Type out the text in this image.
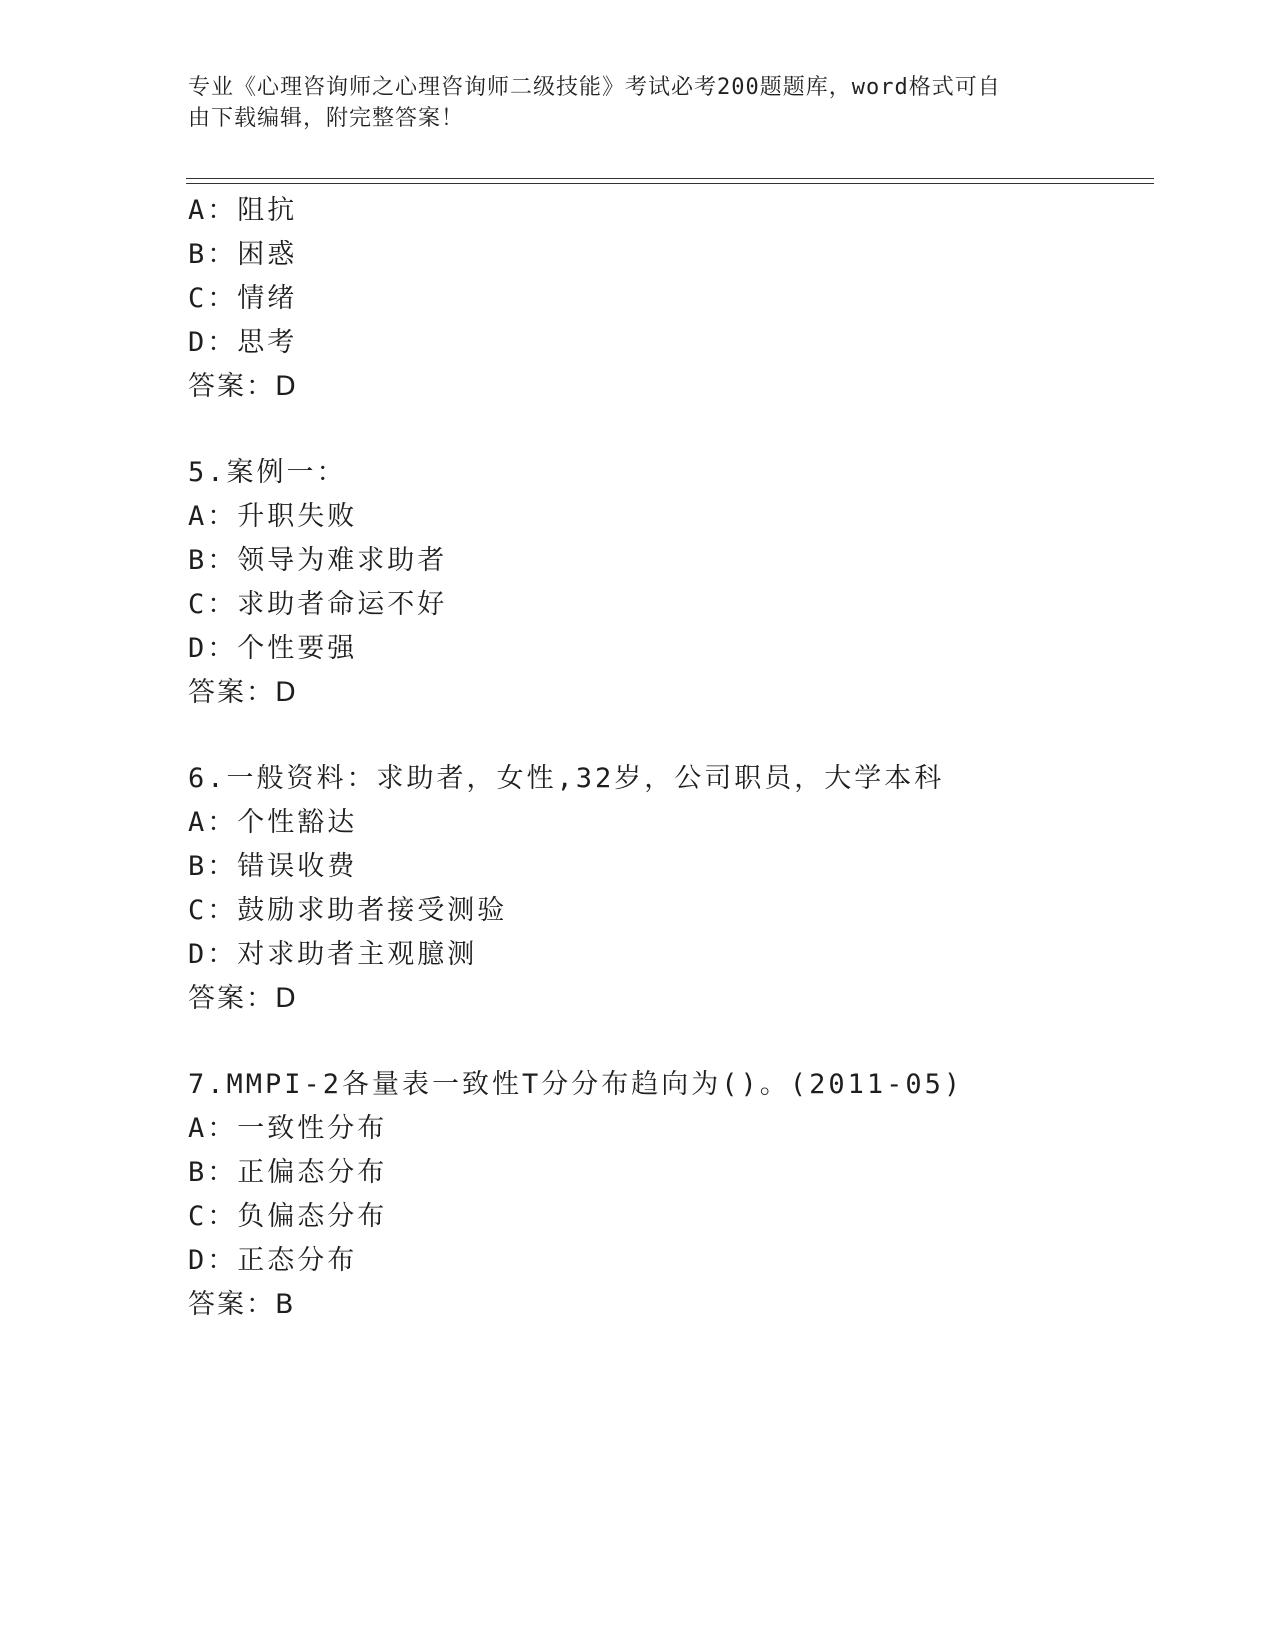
专业《心理咨询师之心理咨询师二级技能》考试必考200题题库，word格式可自
由下载编辑，附完整答案！
A：阻抗
B：困惑
C：情绪
D：思考
答案：D
5.案例一：
A：升职失败
B：领导为难求助者
C：求助者命运不好
D：个性要强
答案：D
6.一般资料：求助者，女性,32岁，公司职员，大学本科
A：个性豁达
B：错误收费
C：鼓励求助者接受测验
D：对求助者主观臆测
答案：D
7.MMPI-2各量表一致性T分分布趋向为()。(2011-05)
A：一致性分布
B：正偏态分布
C：负偏态分布
D：正态分布
答案：B
